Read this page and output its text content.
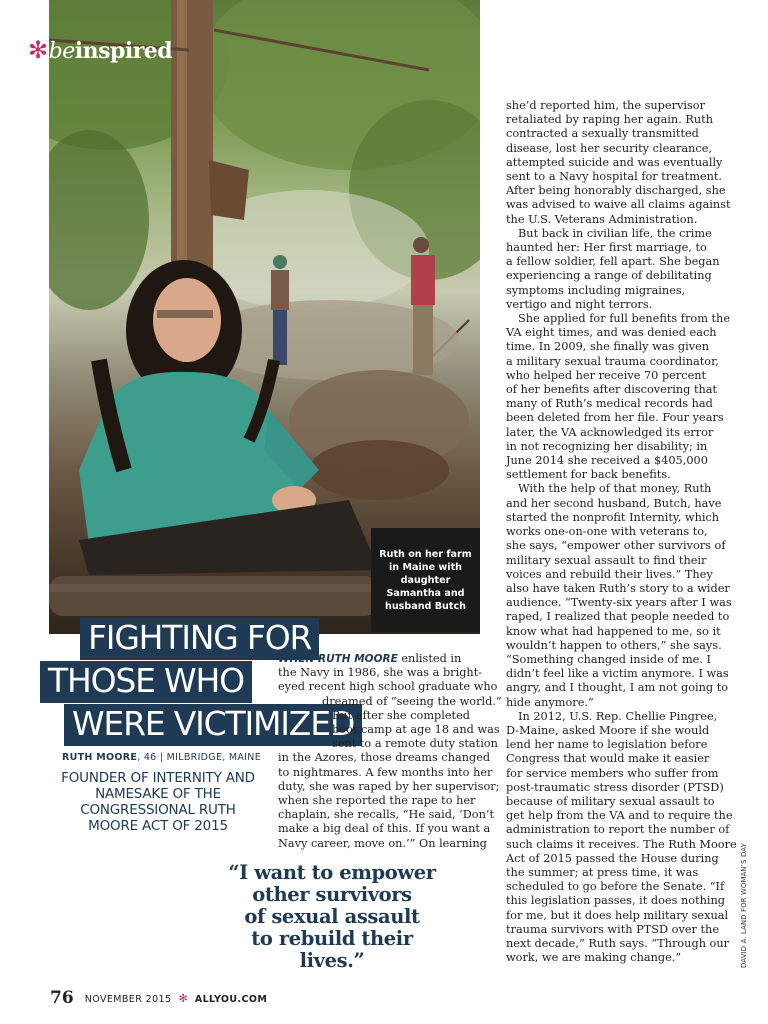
✻beinspired
Ruth on her farm in Maine with daughter Samantha and husband Butch
FIGHTING FOR
THOSE WHO
WERE VICTIMIZED
RUTH MOORE, 46 | MILBRIDGE, MAINE
FOUNDER OF INTERNITY AND NAMESAKE OF THE CONGRESSIONAL RUTH MOORE ACT OF 2015
WHEN RUTH MOORE enlisted in
the Navy in 1986, she was a bright-
eyed recent high school graduate who
dreamed of “seeing the world.”
But after she completed
boot camp at age 18 and was
sent to a remote duty station
in the Azores, those dreams changed
to nightmares. A few months into her
duty, she was raped by her supervisor;
when she reported the rape to her
chaplain, she recalls, “He said, ‘Don’t
make a big deal of this. If you want a
Navy career, move on.’” On learning
she’d reported him, the supervisor
retaliated by raping her again. Ruth
contracted a sexually transmitted
disease, lost her security clearance,
attempted suicide and was eventually
sent to a Navy hospital for treatment.
After being honorably discharged, she
was advised to waive all claims against
the U.S. Veterans Administration.
But back in civilian life, the crime
haunted her: Her first marriage, to
a fellow soldier, fell apart. She began
experiencing a range of debilitating
symptoms including migraines,
vertigo and night terrors.
She applied for full benefits from the
VA eight times, and was denied each
time. In 2009, she finally was given
a military sexual trauma coordinator,
who helped her receive 70 percent
of her benefits after discovering that
many of Ruth’s medical records had
been deleted from her file. Four years
later, the VA acknowledged its error
in not recognizing her disability; in
June 2014 she received a $405,000
settlement for back benefits.
With the help of that money, Ruth
and her second husband, Butch, have
started the nonprofit Internity, which
works one-on-one with veterans to,
she says, “empower other survivors of
military sexual assault to find their
voices and rebuild their lives.” They
also have taken Ruth’s story to a wider
audience. “Twenty-six years after I was
raped, I realized that people needed to
know what had happened to me, so it
wouldn’t happen to others,” she says.
“Something changed inside of me. I
didn’t feel like a victim anymore. I was
angry, and I thought, I am not going to
hide anymore.”
In 2012, U.S. Rep. Chellie Pingree,
D-Maine, asked Moore if she would
lend her name to legislation before
Congress that would make it easier
for service members who suffer from
post-traumatic stress disorder (PTSD)
because of military sexual assault to
get help from the VA and to require the
administration to report the number of
such claims it receives. The Ruth Moore
Act of 2015 passed the House during
the summer; at press time, it was
scheduled to go before the Senate. “If
this legislation passes, it does nothing
for me, but it does help military sexual
trauma survivors with PTSD over the
next decade,” Ruth says. “Through our
work, we are making change.”
“I want to empower
other survivors
of sexual assault
to rebuild their lives.”
76 NOVEMBER 2015 ✻ ALLYOU.COM
DAVID A. LAND FOR WOMAN’S DAY
